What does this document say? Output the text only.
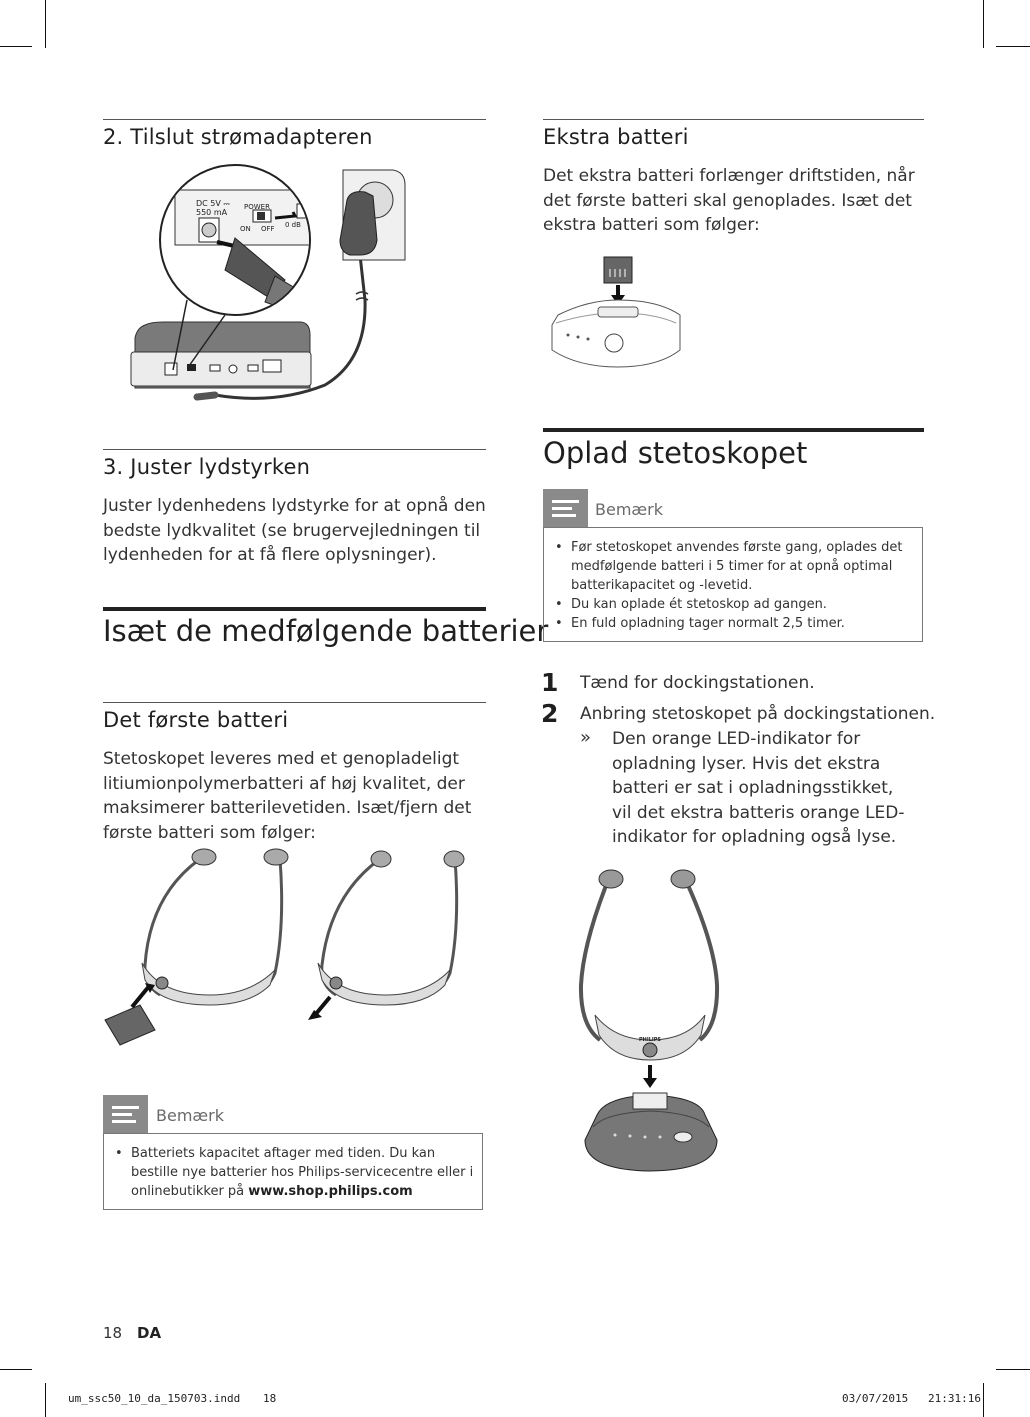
2. Tilslut strømadapteren
DC 5V ⎓
550 mA
POWER
ON OFF 0 dB
3. Juster lydstyrken
Juster lydenhedens lydstyrke for at opnå den bedste lydkvalitet (se brugervejledningen til lydenheden for at få flere oplysninger).
Isæt de medfølgende batterier
Det første batteri
Stetoskopet leveres med et genopladeligt litiumionpolymerbatteri af høj kvalitet, der maksimerer batterilevetiden. Isæt/fjern det første batteri som følger:
Bemærk
• Batteriets kapacitet aftager med tiden. Du kan bestille nye batterier hos Philips-servicecentre eller i onlinebutikker på www.shop.philips.com
18 DA
Ekstra batteri
Det ekstra batteri forlænger driftstiden, når det første batteri skal genoplades. Isæt det ekstra batteri som følger:
Oplad stetoskopet
Bemærk
• Før stetoskopet anvendes første gang, oplades det medfølgende batteri i 5 timer for at opnå optimal batterikapacitet og -levetid.
• Du kan oplade ét stetoskop ad gangen.
• En fuld opladning tager normalt 2,5 timer.
1 Tænd for dockingstationen.
2 Anbring stetoskopet på dockingstationen.
» Den orange LED-indikator for opladning lyser. Hvis det ekstra batteri er sat i opladningsstikket, vil det ekstra batteris orange LED-indikator for opladning også lyse.
PHILIPS
um_ssc50_10_da_150703.indd 18	03/07/2015 21:31:16
